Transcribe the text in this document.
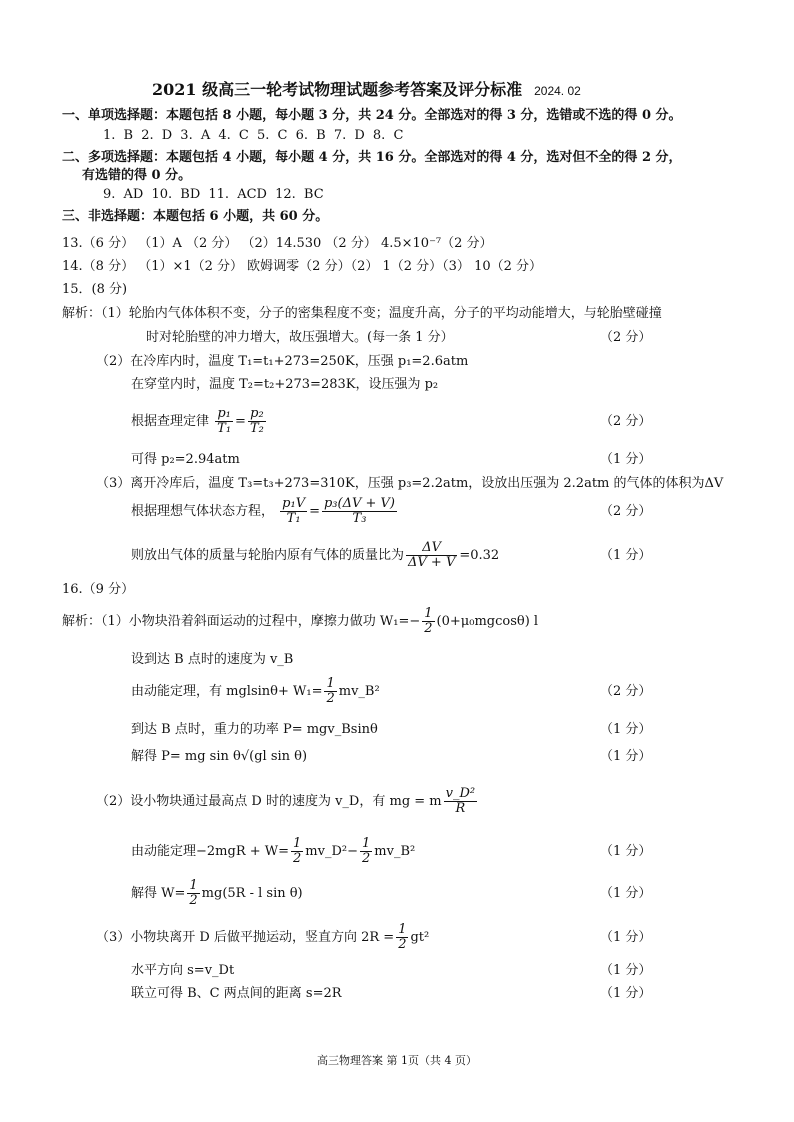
2021 级高三一轮考试物理试题参考答案及评分标准 2024. 02
一、单项选择题：本题包括 8 小题，每小题 3 分，共 24 分。全部选对的得 3 分，选错或不选的得 0 分。
1. B 2. D 3. A 4. C 5. C 6. B 7. D 8. C
二、多项选择题：本题包括 4 小题，每小题 4 分，共 16 分。全部选对的得 4 分，选对但不全的得 2 分，
有选错的得 0 分。
9. AD 10. BD 11. ACD 12. BC
三、非选择题：本题包括 6 小题，共 60 分。
13.（6 分） （1）A （2 分） （2）14.530 （2 分） 4.5×10⁻⁷（2 分）
14.（8 分） （1）×1（2 分） 欧姆调零（2 分）（2） 1（2 分）（3） 10（2 分）
15．(8 分)
解析：（1）轮胎内气体体积不变，分子的密集程度不变；温度升高，分子的平均动能增大，与轮胎壁碰撞
时对轮胎壁的冲力增大，故压强增大。(每一条 1 分）	（2 分）
（2）在冷库内时，温度 T₁=t₁+273=250K，压强 p₁=2.6atm
在穿堂内时，温度 T₂=t₂+273=283K，设压强为 p₂
根据查理定律 $\frac{\text{p₁}}{\text{T₁}} = \frac{\text{p₂}}{\text{T₂}}$	（2 分）
可得 p₂=2.94atm	（1 分）
（3）离开冷库后，温度 T₃=t₃+273=310K，压强 p₃=2.2atm，设放出压强为 2.2atm 的气体的体积为ΔV
根据理想气体状态方程， $\frac{\text{p₁V}}{\text{T₁}} = \frac{\text{p₃(ΔV + V)}}{\text{T₃}}$	（2 分）
则放出气体的质量与轮胎内原有气体的质量比为 $\frac{\Delta V}{\Delta V + V} =0.32$	（1 分）
16.（9 分）
解析：（1）小物块沿着斜面运动的过程中，摩擦力做功 $W_1=- \frac{1}{2} (0+\mu_0mgcos\theta)$ l
设到达 B 点时的速度为 v_B
由动能定理，有 $mglsin\theta+ W_1= \frac{1}{2}$ mv_B²	（2 分）
到达 B 点时，重力的功率 P= mgv_Bsinθ	（1 分）
解得 P= mg sin θ√(gl sin θ)	（1 分）
（2）设小物块通过最高点 D 时的速度为 v_D，有 mg = m $\frac{\text{v\_D²}}{R}$
由动能定理$-2mgR + W= \frac{1}{2}$ mv_D²− $\frac{1}{2}$ mv_B²	（1 分）
解得 $W= \frac{1}{2} mg(5R - l$ sin θ)	（1 分）
（3）小物块离开 D 后做平抛运动，竖直方向 $2R = \frac{1}{2} gt^2$	（1 分）
水平方向 s=v_Dt	（1 分）
联立可得 B、C 两点间的距离 s=2R	（1 分）
高三物理答案 第 1页（共 4 页）
